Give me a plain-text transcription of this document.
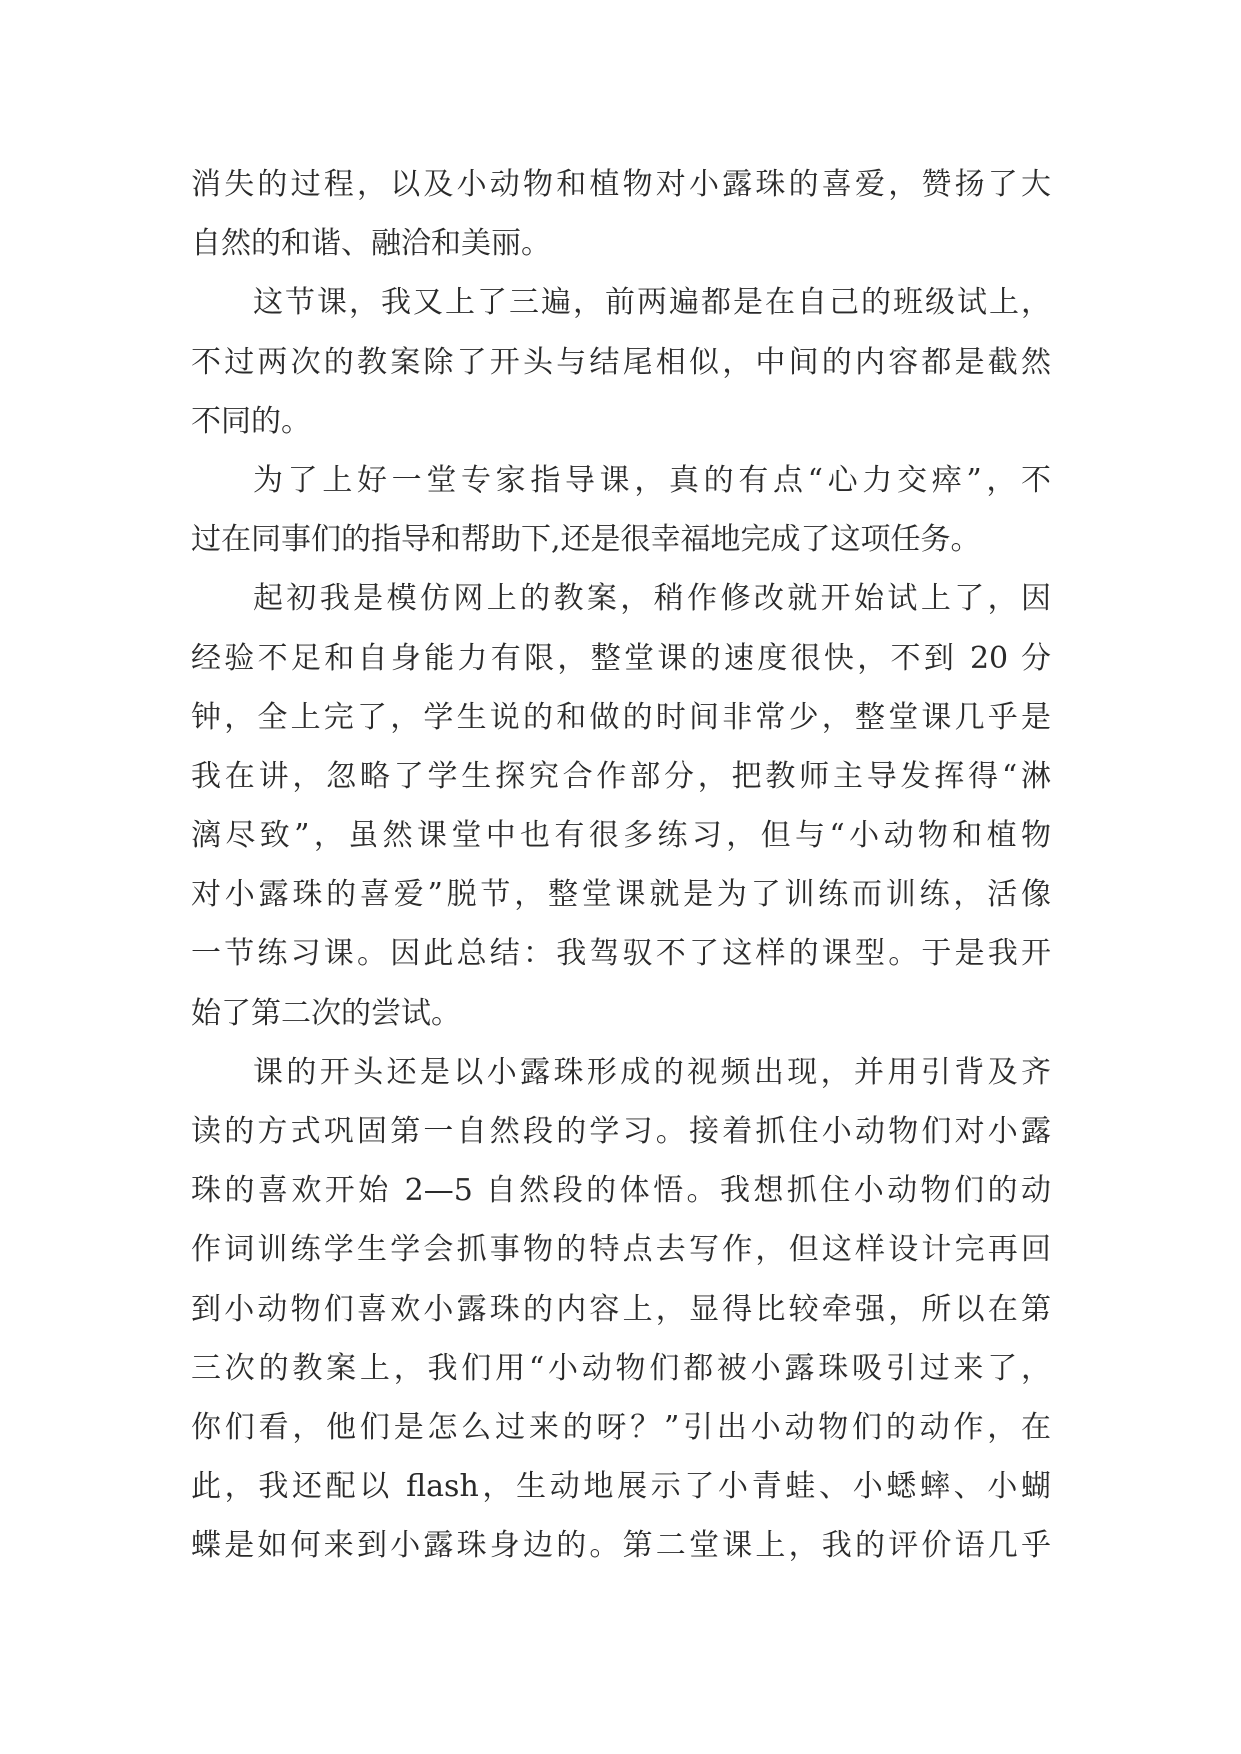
消失的过程，以及小动物和植物对小露珠的喜爱，赞扬了大
自然的和谐、融洽和美丽。
这节课，我又上了三遍，前两遍都是在自己的班级试上，
不过两次的教案除了开头与结尾相似，中间的内容都是截然
不同的。
为了上好一堂专家指导课，真的有点“心力交瘁”，不
过在同事们的指导和帮助下,还是很幸福地完成了这项任务。
起初我是模仿网上的教案，稍作修改就开始试上了，因
经验不足和自身能力有限，整堂课的速度很快，不到 20 分
钟，全上完了，学生说的和做的时间非常少，整堂课几乎是
我在讲，忽略了学生探究合作部分，把教师主导发挥得“淋
漓尽致”，虽然课堂中也有很多练习，但与“小动物和植物
对小露珠的喜爱”脱节，整堂课就是为了训练而训练，活像
一节练习课。因此总结：我驾驭不了这样的课型。于是我开
始了第二次的尝试。
课的开头还是以小露珠形成的视频出现，并用引背及齐
读的方式巩固第一自然段的学习。接着抓住小动物们对小露
珠的喜欢开始 2—5 自然段的体悟。我想抓住小动物们的动
作词训练学生学会抓事物的特点去写作，但这样设计完再回
到小动物们喜欢小露珠的内容上，显得比较牵强，所以在第
三次的教案上，我们用“小动物们都被小露珠吸引过来了，
你们看，他们是怎么过来的呀？”引出小动物们的动作，在
此，我还配以 flash，生动地展示了小青蛙、小蟋蟀、小蝴
蝶是如何来到小露珠身边的。第二堂课上，我的评价语几乎
